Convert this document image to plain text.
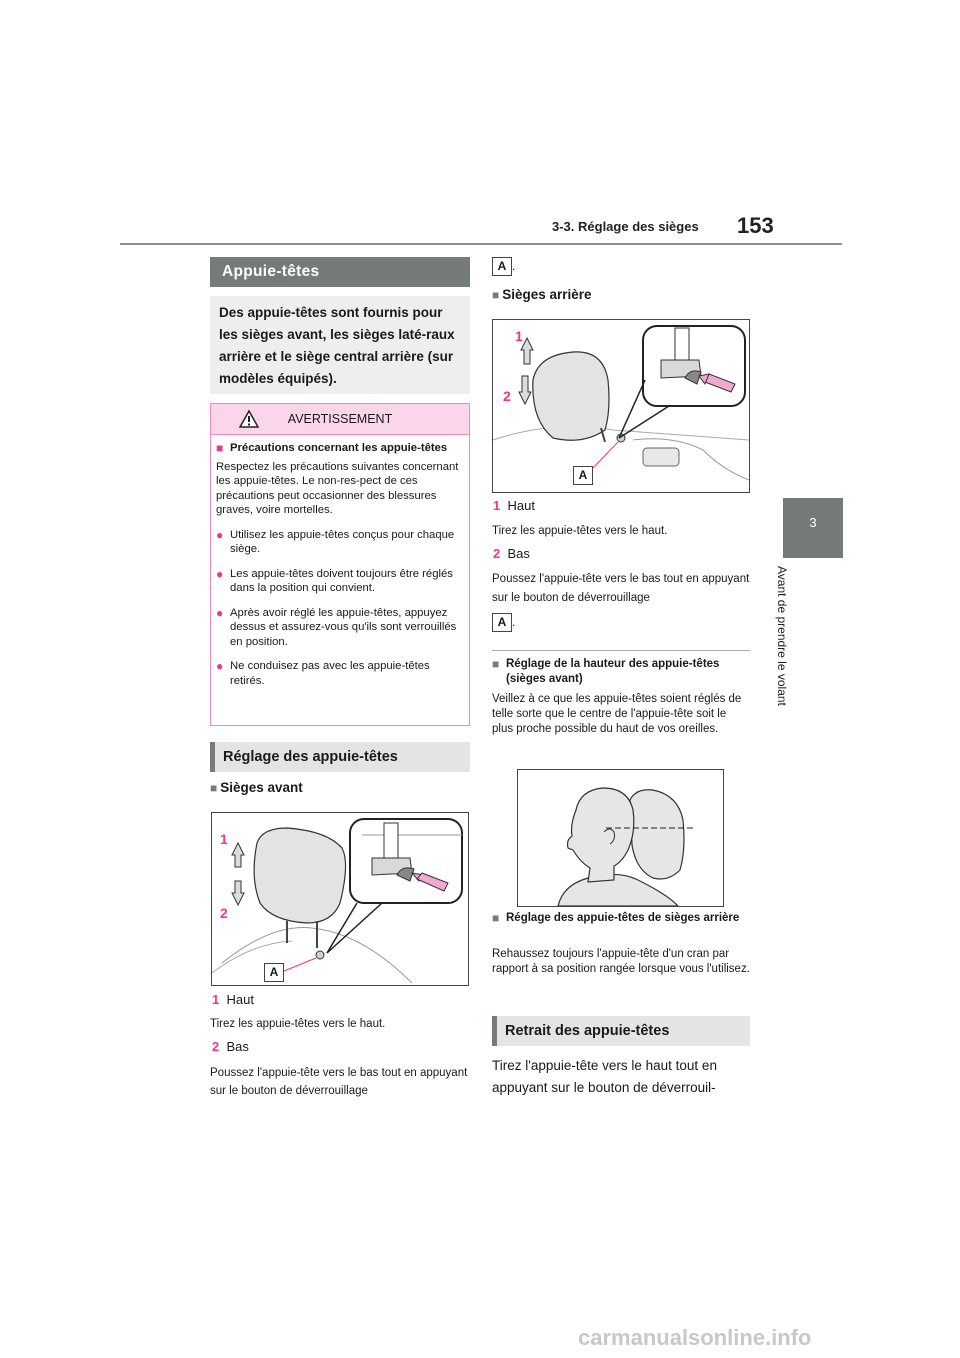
3-3. Réglage des sièges 153
3
Avant de prendre le volant
Appuie-têtes
Des appuie-têtes sont fournis pour les sièges avant, les sièges laté-raux arrière et le siège central arrière (sur modèles équipés).
AVERTISSEMENT
■ Précautions concernant les appuie-têtes
Respectez les précautions suivantes concernant les appuie-têtes. Le non-res-pect de ces précautions peut occasionner des blessures graves, voire mortelles.
● Utilisez les appuie-têtes conçus pour chaque siège.
● Les appuie-têtes doivent toujours être réglés dans la position qui convient.
● Après avoir réglé les appuie-têtes, appuyez dessus et assurez-vous qu'ils sont verrouillés en position.
● Ne conduisez pas avec les appuie-têtes retirés.
Réglage des appuie-têtes
■ Sièges avant
1
2
A
1 Haut
Tirez les appuie-têtes vers le haut.
2 Bas
Poussez l'appuie-tête vers le bas tout en appuyant sur le bouton de déverrouillage
A .
■ Sièges arrière
1
2
A
1 Haut
Tirez les appuie-têtes vers le haut.
2 Bas
Poussez l'appuie-tête vers le bas tout en appuyant sur le bouton de déverrouillage
A .
■ Réglage de la hauteur des appuie-têtes (sièges avant)
Veillez à ce que les appuie-têtes soient réglés de telle sorte que le centre de l'appuie-tête soit le plus proche possible du haut de vos oreilles.
■ Réglage des appuie-têtes de sièges arrière
Rehaussez toujours l'appuie-tête d'un cran par rapport à sa position rangée lorsque vous l'utilisez.
Retrait des appuie-têtes
Tirez l'appuie-tête vers le haut tout en appuyant sur le bouton de déverrouil-
carmanualsonline.info
